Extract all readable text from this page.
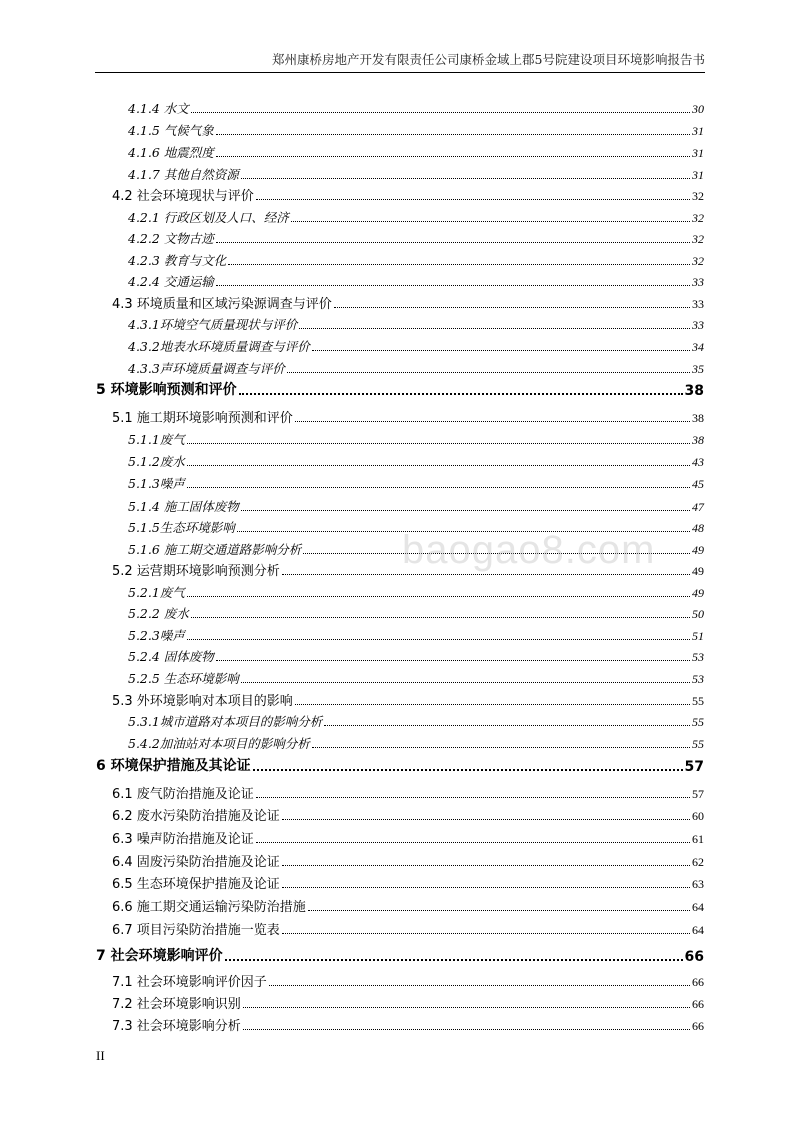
郑州康桥房地产开发有限责任公司康桥金域上郡5号院建设项目环境影响报告书
4.1.4 水文	30
4.1.5 气候气象	31
4.1.6 地震烈度	31
4.1.7 其他自然资源	31
4.2 社会环境现状与评价	32
4.2.1 行政区划及人口、经济	32
4.2.2 文物古迹	32
4.2.3 教育与文化	32
4.2.4 交通运输	33
4.3 环境质量和区域污染源调查与评价	33
4.3.1环境空气质量现状与评价	33
4.3.2地表水环境质量调查与评价	34
4.3.3声环境质量调查与评价	35
5 环境影响预测和评价	38
5.1 施工期环境影响预测和评价	38
5.1.1废气	38
5.1.2废水	43
5.1.3噪声	45
5.1.4 施工固体废物	47
5.1.5生态环境影响	48
5.1.6 施工期交通道路影响分析	49
5.2 运营期环境影响预测分析	49
5.2.1废气	49
5.2.2 废水	50
5.2.3噪声	51
5.2.4 固体废物	53
5.2.5 生态环境影响	53
5.3 外环境影响对本项目的影响	55
5.3.1城市道路对本项目的影响分析	55
5.4.2加油站对本项目的影响分析	55
6 环境保护措施及其论证	57
6.1 废气防治措施及论证	57
6.2 废水污染防治措施及论证	60
6.3 噪声防治措施及论证	61
6.4 固废污染防治措施及论证	62
6.5 生态环境保护措施及论证	63
6.6 施工期交通运输污染防治措施	64
6.7 项目污染防治措施一览表	64
7 社会环境影响评价	66
7.1 社会环境影响评价因子	66
7.2 社会环境影响识别	66
7.3 社会环境影响分析	66
baogao8.com
II
